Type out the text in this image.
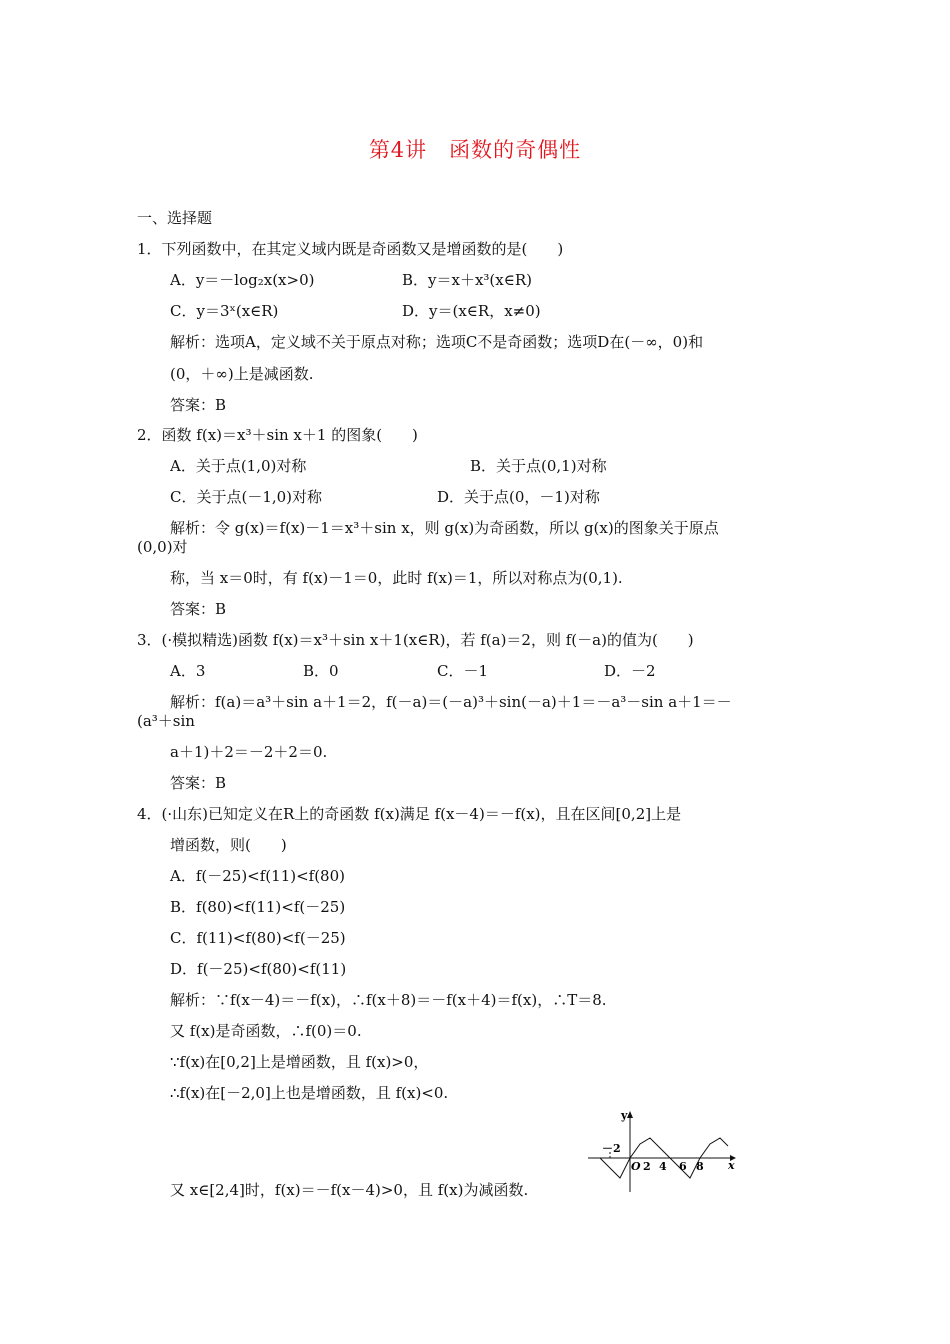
第4讲　函数的奇偶性
一、选择题
1．下列函数中，在其定义域内既是奇函数又是增函数的是(　　)
A．y＝－log₂x(x>0)	B．y＝x＋x³(x∈R)
C．y＝3ˣ(x∈R)	D．y＝(x∈R，x≠0)
解析：选项A，定义域不关于原点对称；选项C不是奇函数；选项D在(－∞，0)和
(0，＋∞)上是减函数.
答案：B
2．函数 f(x)＝x³＋sin x＋1 的图象(　　)
A．关于点(1,0)对称	B．关于点(0,1)对称
C．关于点(－1,0)对称	D．关于点(0，－1)对称
解析：令 g(x)＝f(x)－1＝x³＋sin x，则 g(x)为奇函数，所以 g(x)的图象关于原点
(0,0)对
称，当 x＝0时，有 f(x)－1＝0，此时 f(x)＝1，所以对称点为(0,1).
答案：B
3．(·模拟精选)函数 f(x)＝x³＋sin x＋1(x∈R)，若 f(a)＝2，则 f(－a)的值为(　　)
A．3	B．0	C．－1	D．－2
解析：f(a)＝a³＋sin a＋1＝2，f(－a)＝(－a)³＋sin(－a)＋1＝－a³－sin a＋1＝－
(a³＋sin
a＋1)＋2＝－2＋2＝0.
答案：B
4．(·山东)已知定义在R上的奇函数 f(x)满足 f(x－4)＝－f(x)，且在区间[0,2]上是
增函数，则(　　)
A．f(－25)<f(11)<f(80)
B．f(80)<f(11)<f(－25)
C．f(11)<f(80)<f(－25)
D．f(－25)<f(80)<f(11)
解析：∵f(x－4)＝－f(x)，∴f(x＋8)＝－f(x＋4)＝f(x)，∴T＝8.
又 f(x)是奇函数，∴f(0)＝0.
∵f(x)在[0,2]上是增函数，且 f(x)>0，
∴f(x)在[－2,0]上也是增函数，且 f(x)<0.
又 x∈[2,4]时，f(x)＝－f(x－4)>0，且 f(x)为减函数.
y
x
－2
O 2 4 6 8
